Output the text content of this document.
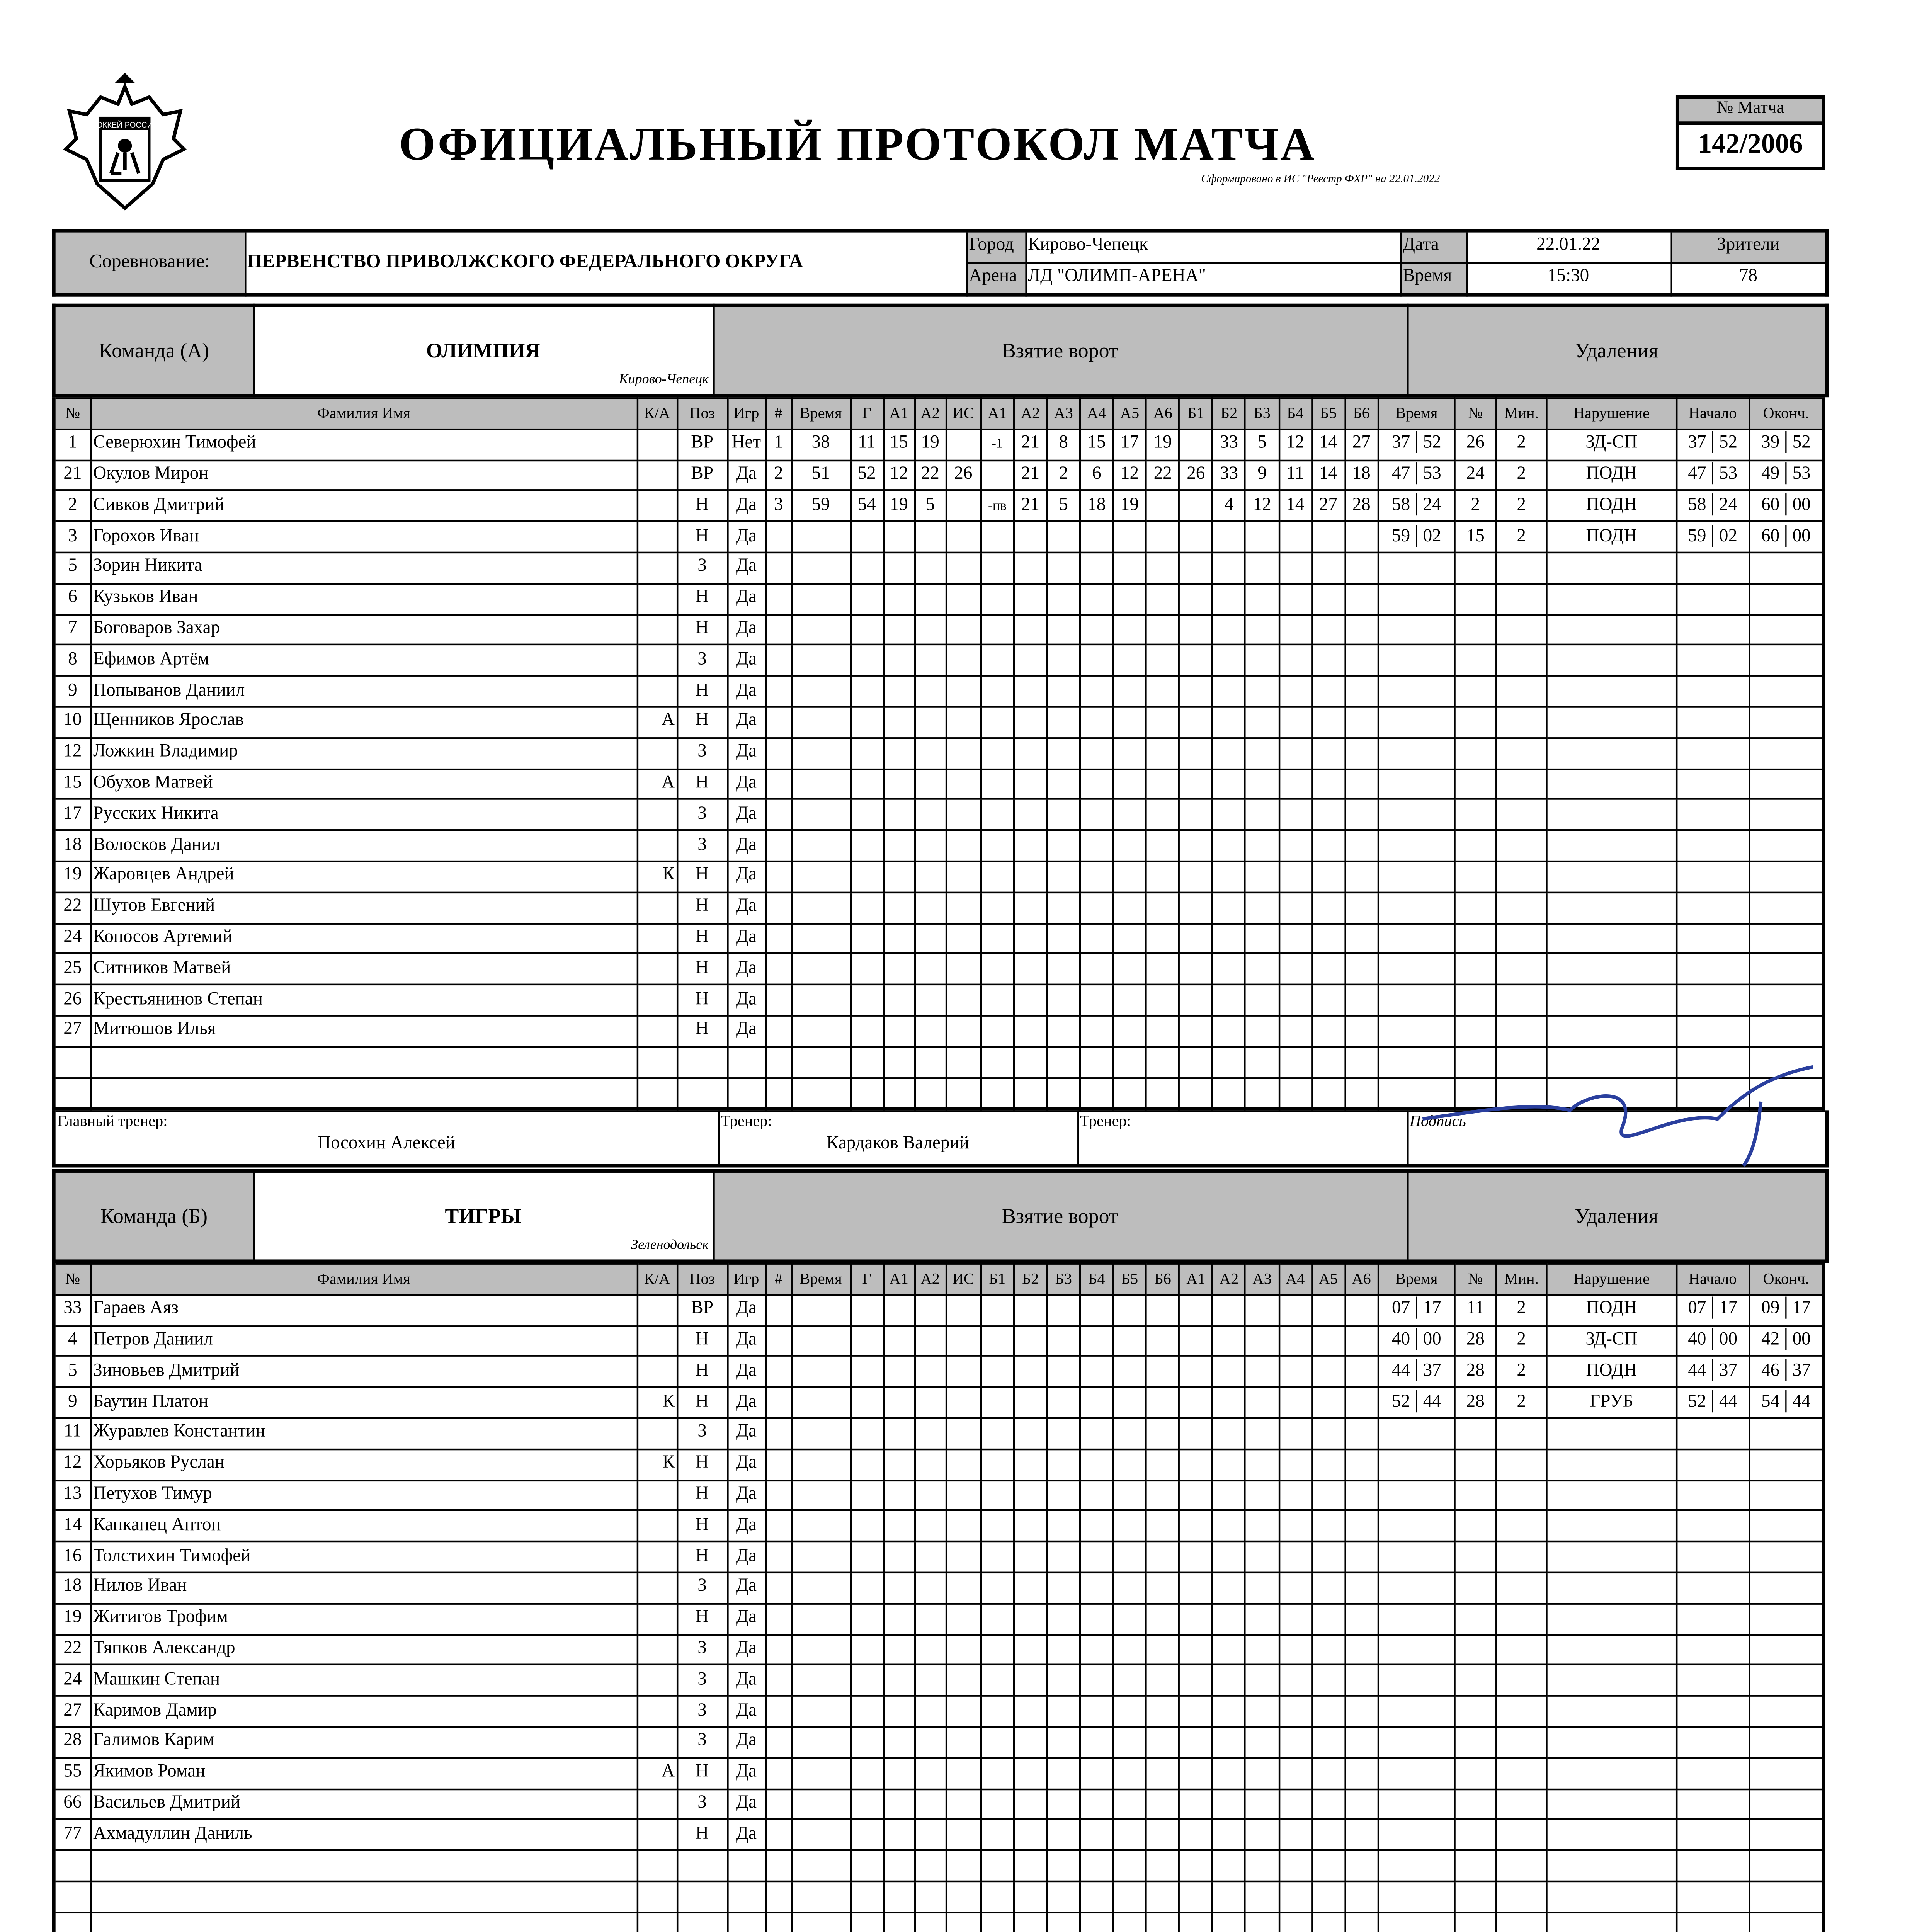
ХОККЕЙ РОССИИ	ОФИЦИАЛЬНЫЙ ПРОТОКОЛ МАТЧА
Сформировано в ИС "Реестр ФХР" на 22.01.2022
№ Матча
142/2006
Соревнование:	ПЕРВЕНСТВО ПРИВОЛЖСКОГО ФЕДЕРАЛЬНОГО ОКРУГА	Город	Кирово-Чепецк	Дата	22.01.22	Зрители
		Арена	ЛД "ОЛИМП-АРЕНА"	Время	15:30	78
Команда (А)	ОЛИМПИЯ
Кирово-Чепецк
	Взятие ворот	Удаления
№	Фамилия Имя	К/А	Поз	Игр	#	Время	Г	А1	А2	ИС	А1	А2	А3	А4	А5	А6	Б1	Б2	Б3	Б4	Б5	Б6	Время	№	Мин.	Нарушение	Начало	Оконч.
1	Северюхин Тимофей		ВР	Нет	1	38	11	15	19		-1	21	8	15	17	19		33	5	12	14	27	37│52	26	2	ЗД-СП	37│52	39│52
21	Окулов Мирон		ВР	Да	2	51	52	12	22	26		21	2	6	12	22	26	33	9	11	14	18	47│53	24	2	ПОДН	47│53	49│53
2	Сивков Дмитрий		Н	Да	3	59	54	19	5		-пв	21	5	18	19			4	12	14	27	28	58│24	2	2	ПОДН	58│24	60│00
3	Горохов Иван		Н	Да																			59│02	15	2	ПОДН	59│02	60│00
5	Зорин Никита		З	Да																								
6	Кузьков Иван		Н	Да																								
7	Боговаров Захар		Н	Да																								
8	Ефимов Артём		З	Да																								
9	Попыванов Даниил		Н	Да																								
10	Щенников Ярослав	А	Н	Да																								
12	Ложкин Владимир		З	Да																								
15	Обухов Матвей	А	Н	Да																								
17	Русских Никита		З	Да																								
18	Волосков Данил		З	Да																								
19	Жаровцев Андрей	К	Н	Да																								
22	Шутов Евгений		Н	Да																								
24	Копосов Артемий		Н	Да																								
25	Ситников Матвей		Н	Да																								
26	Крестьянинов Степан		Н	Да																								
27	Митюшов Илья		Н	Да																								

Главный тренер:
Посохин Алексей

Тренер:
Кардаков Валерий

Тренер:	Подпись
Команда (Б)	ТИГРЫ
Зеленодольск
	Взятие ворот	Удаления
№	Фамилия Имя	К/А	Поз	Игр	#	Время	Г	А1	А2	ИС	Б1	Б2	Б3	Б4	Б5	Б6	А1	А2	А3	А4	А5	А6	Время	№	Мин.	Нарушение	Начало	Оконч.
33	Гараев Аяз		ВР	Да																			07│17	11	2	ПОДН	07│17	09│17
4	Петров Даниил		Н	Да																			40│00	28	2	ЗД-СП	40│00	42│00
5	Зиновьев Дмитрий		Н	Да																			44│37	28	2	ПОДН	44│37	46│37
9	Баутин Платон	К	Н	Да																			52│44	28	2	ГРУБ	52│44	54│44
11	Журавлев Константин		З	Да																								
12	Хорьяков Руслан	К	Н	Да																								
13	Петухов Тимур		Н	Да																								
14	Капканец Антон		Н	Да																								
16	Толстихин Тимофей		Н	Да																								
18	Нилов Иван		З	Да																								
19	Житигов Трофим		Н	Да																								
22	Тяпков Александр		З	Да																								
24	Машкин Степан		З	Да																								
27	Каримов Дамир		З	Да																								
28	Галимов Карим		З	Да																								
55	Якимов Роман	А	Н	Да																								
66	Васильев Дмитрий		З	Да																								
77	Ахмадуллин Даниль		Н	Да																								
